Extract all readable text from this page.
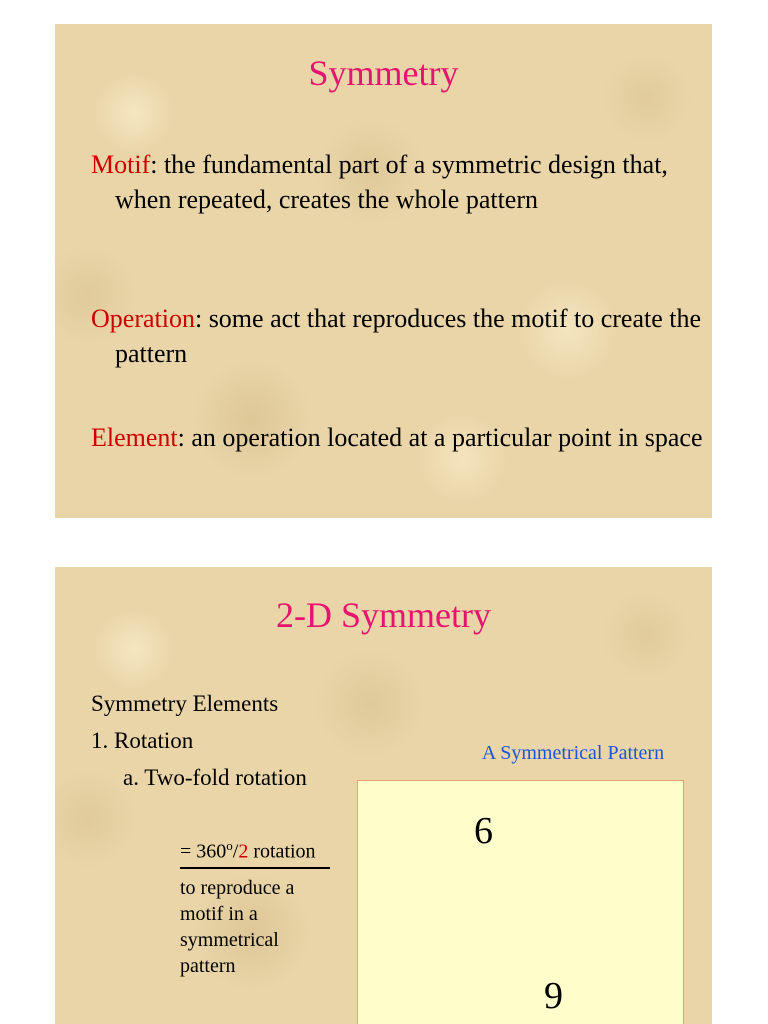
Symmetry
Motif: the fundamental part of a symmetric design that, when repeated, creates the whole pattern
Operation: some act that reproduces the motif to create the pattern
Element: an operation located at a particular point in space
2-D Symmetry
Symmetry Elements
1. Rotation
a. Two-fold rotation
= $360^o/2$ rotation
to reproduce a motif in a symmetrical pattern
A Symmetrical Pattern
6
9
